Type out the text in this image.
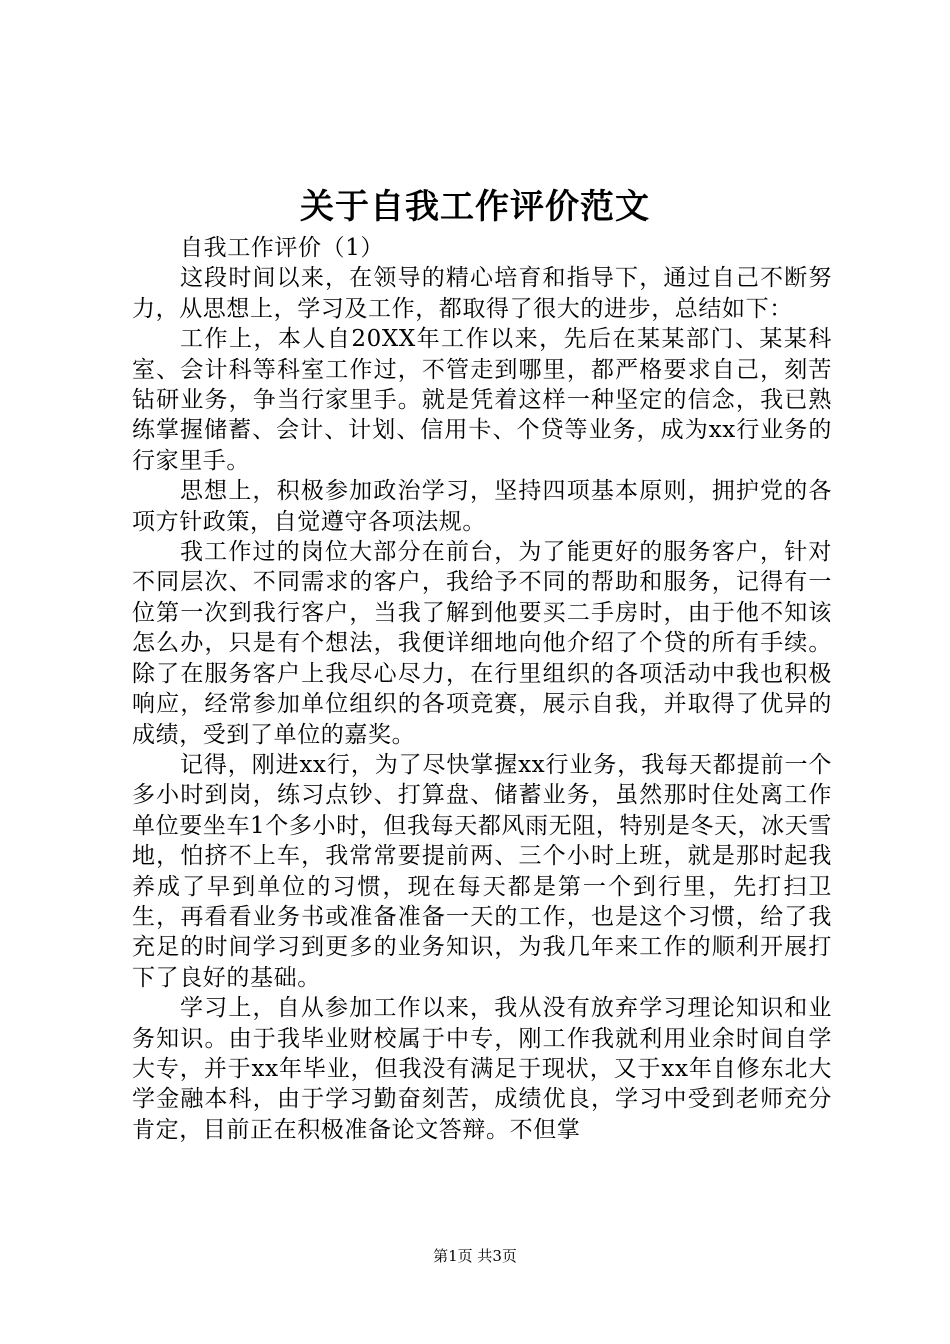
关于自我工作评价范文

自我工作评价（1）

这段时间以来，在领导的精心培育和指导下，通过自己不断努力，从思想上，学习及工作，都取得了很大的进步，总结如下：

工作上，本人自20XX年工作以来，先后在某某部门、某某科室、会计科等科室工作过，不管走到哪里，都严格要求自己，刻苦钻研业务，争当行家里手。就是凭着这样一种坚定的信念，我已熟练掌握储蓄、会计、计划、信用卡、个贷等业务，成为xx行业务的行家里手。

思想上，积极参加政治学习，坚持四项基本原则，拥护党的各项方针政策，自觉遵守各项法规。

我工作过的岗位大部分在前台，为了能更好的服务客户，针对不同层次、不同需求的客户，我给予不同的帮助和服务，记得有一位第一次到我行客户，当我了解到他要买二手房时，由于他不知该怎么办，只是有个想法，我便详细地向他介绍了个贷的所有手续。除了在服务客户上我尽心尽力，在行里组织的各项活动中我也积极响应，经常参加单位组织的各项竞赛，展示自我，并取得了优异的成绩，受到了单位的嘉奖。

记得，刚进xx行，为了尽快掌握xx行业务，我每天都提前一个多小时到岗，练习点钞、打算盘、储蓄业务，虽然那时住处离工作单位要坐车1个多小时，但我每天都风雨无阻，特别是冬天，冰天雪地，怕挤不上车，我常常要提前两、三个小时上班，就是那时起我养成了早到单位的习惯，现在每天都是第一个到行里，先打扫卫生，再看看业务书或准备准备一天的工作，也是这个习惯，给了我充足的时间学习到更多的业务知识，为我几年来工作的顺利开展打下了良好的基础。

学习上，自从参加工作以来，我从没有放弃学习理论知识和业务知识。由于我毕业财校属于中专，刚工作我就利用业余时间自学大专，并于xx年毕业，但我没有满足于现状，又于xx年自修东北大学金融本科，由于学习勤奋刻苦，成绩优良，学习中受到老师充分肯定，目前正在积极准备论文答辩。不但掌

第1页 共3页
